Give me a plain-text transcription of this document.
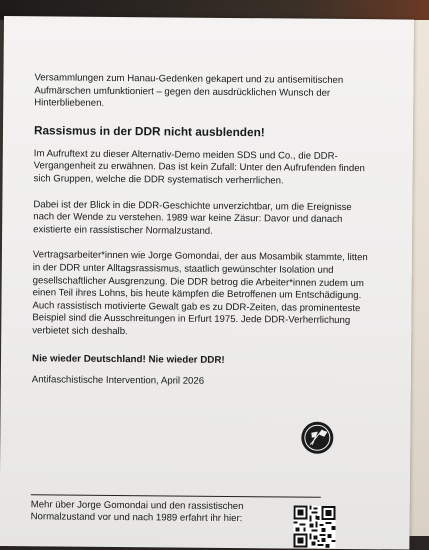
Versammlungen zum Hanau-Gedenken gekapert und zu antisemitischen Aufmärschen umfunktioniert – gegen den ausdrücklichen Wunsch der Hinterbliebenen.

Rassismus in der DDR nicht ausblenden!

Im Aufruftext zu dieser Alternativ-Demo meiden SDS und Co., die DDR-Vergangenheit zu erwähnen. Das ist kein Zufall: Unter den Aufrufenden finden sich Gruppen, welche die DDR systematisch verherrlichen.

Dabei ist der Blick in die DDR-Geschichte unverzichtbar, um die Ereignisse nach der Wende zu verstehen. 1989 war keine Zäsur: Davor und danach existierte ein rassistischer Normalzustand.

Vertragsarbeiter*innen wie Jorge Gomondai, der aus Mosambik stammte, litten in der DDR unter Alltagsrassismus, staatlich gewünschter Isolation und gesellschaftlicher Ausgrenzung. Die DDR betrog die Arbeiter*innen zudem um einen Teil ihres Lohns, bis heute kämpfen die Betroffenen um Entschädigung. Auch rassistisch motivierte Gewalt gab es zu DDR-Zeiten, das prominenteste Beispiel sind die Ausschreitungen in Erfurt 1975. Jede DDR-Verherrlichung verbietet sich deshalb.

Nie wieder Deutschland! Nie wieder DDR!
Antifaschistische Intervention, April 2026

Mehr über Jorge Gomondai und den rassistischen Normalzustand vor und nach 1989 erfahrt ihr hier:
